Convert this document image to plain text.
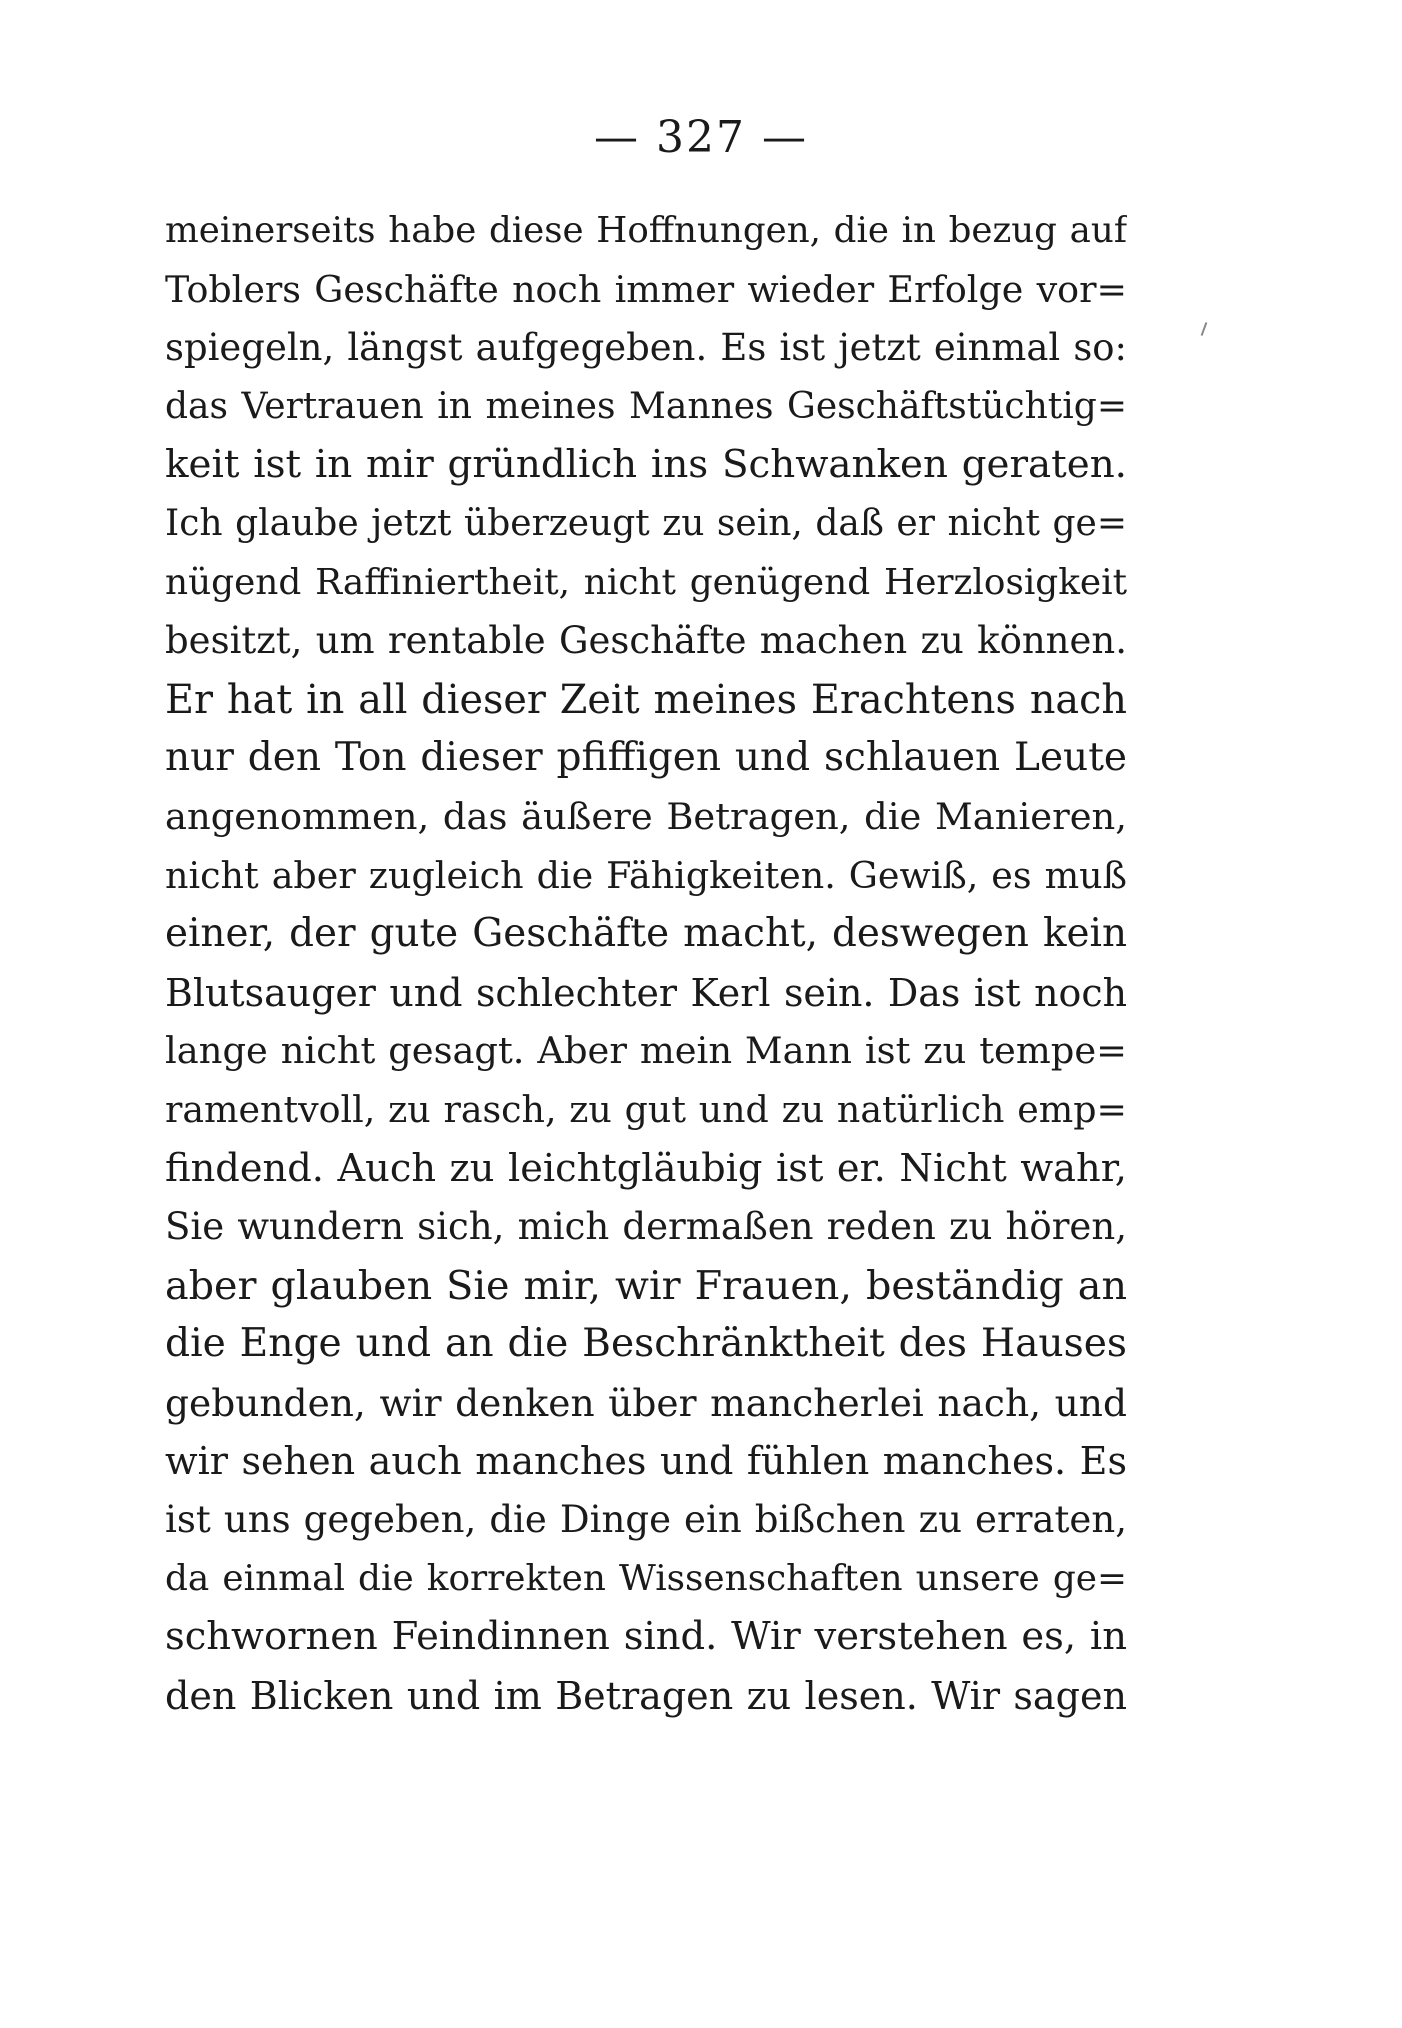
— 327 —
meinerseits habe diese Hoffnungen, die in bezug auf
Toblers Geschäfte noch immer wieder Erfolge vor=
spiegeln, längst aufgegeben. Es ist jetzt einmal so:
das Vertrauen in meines Mannes Geschäftstüchtig=
keit ist in mir gründlich ins Schwanken geraten.
Ich glaube jetzt überzeugt zu sein, daß er nicht ge=
nügend Raffiniertheit, nicht genügend Herzlosigkeit
besitzt, um rentable Geschäfte machen zu können.
Er hat in all dieser Zeit meines Erachtens nach
nur den Ton dieser pfiffigen und schlauen Leute
angenommen, das äußere Betragen, die Manieren,
nicht aber zugleich die Fähigkeiten. Gewiß, es muß
einer, der gute Geschäfte macht, deswegen kein
Blutsauger und schlechter Kerl sein. Das ist noch
lange nicht gesagt. Aber mein Mann ist zu tempe=
ramentvoll, zu rasch, zu gut und zu natürlich emp=
findend. Auch zu leichtgläubig ist er. Nicht wahr,
Sie wundern sich, mich dermaßen reden zu hören,
aber glauben Sie mir, wir Frauen, beständig an
die Enge und an die Beschränktheit des Hauses
gebunden, wir denken über mancherlei nach, und
wir sehen auch manches und fühlen manches. Es
ist uns gegeben, die Dinge ein bißchen zu erraten,
da einmal die korrekten Wissenschaften unsere ge=
schwornen Feindinnen sind. Wir verstehen es, in
den Blicken und im Betragen zu lesen. Wir sagen
